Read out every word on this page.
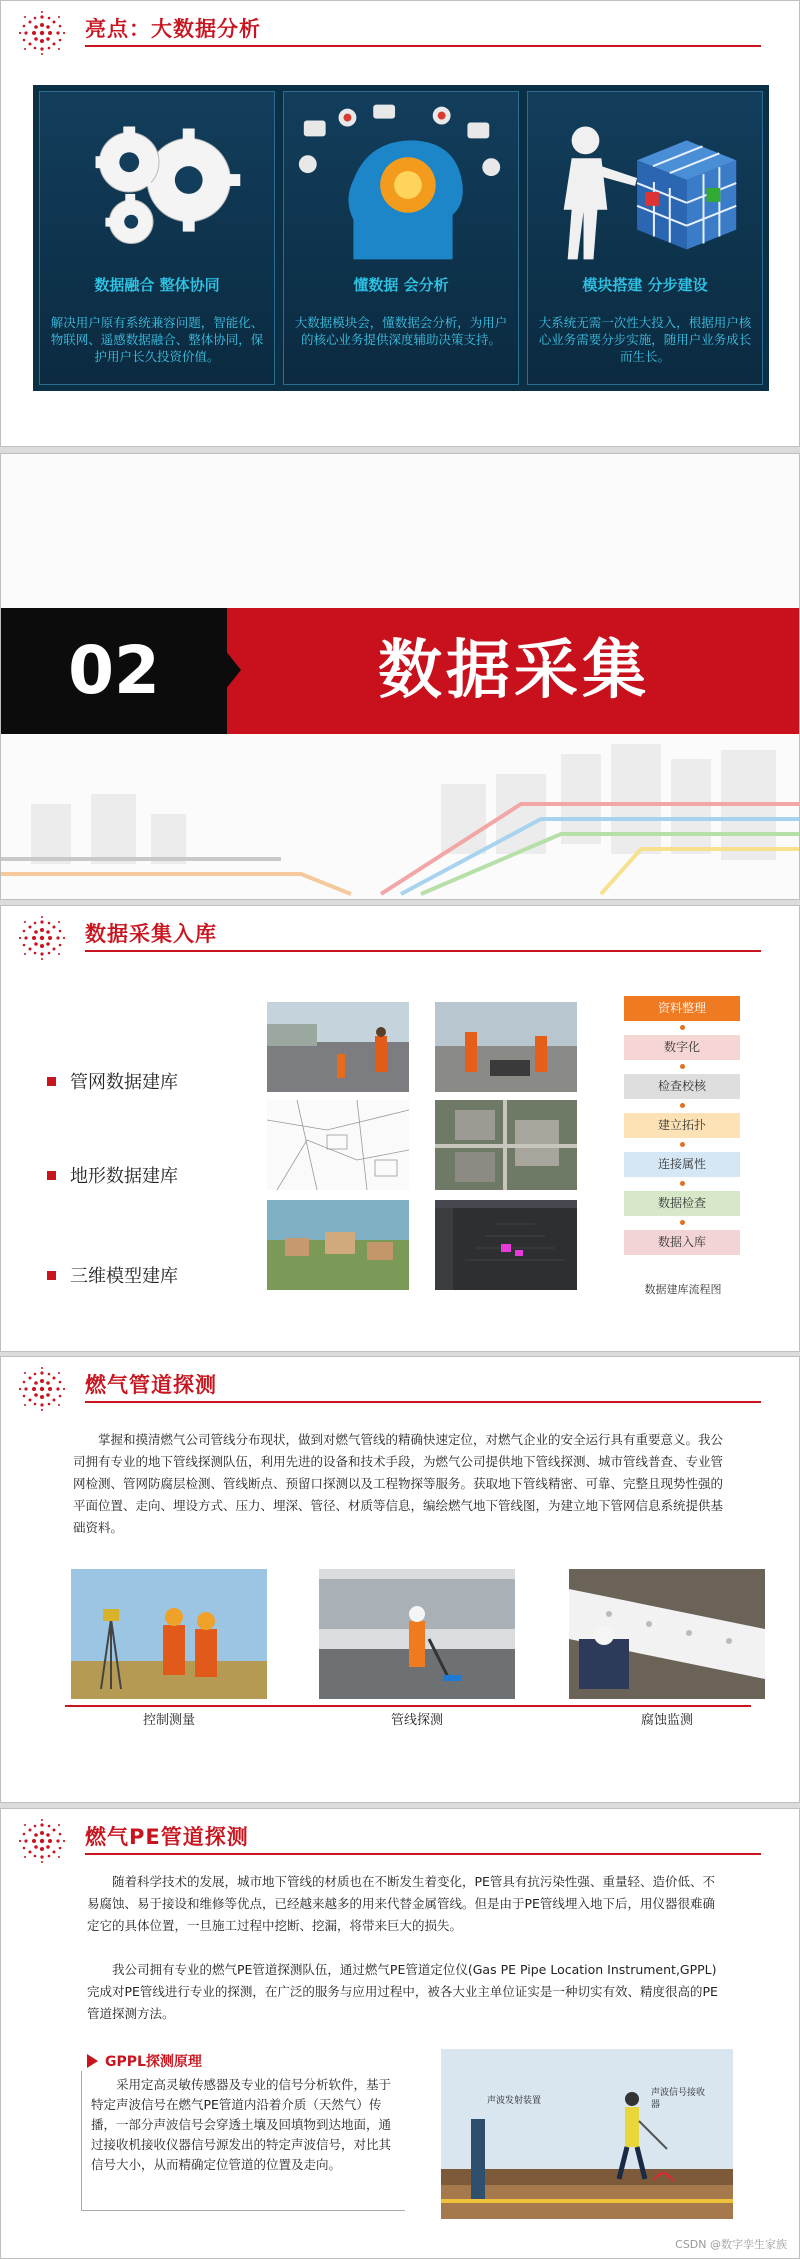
亮点：大数据分析
数据融合 整体协同
解决用户原有系统兼容问题，智能化、物联网、遥感数据融合、整体协同，保护用户长久投资价值。
懂数据 会分析
大数据模块会，懂数据会分析，为用户的核心业务提供深度辅助决策支持。
模块搭建 分步建设
大系统无需一次性大投入，根据用户核心业务需要分步实施，随用户业务成长而生长。
02	数据采集
数据采集入库
管网数据建库
地形数据建库
三维模型建库
资料整理
数字化
检查校核
建立拓扑
连接属性
数据检查
数据入库
数据建库流程图
燃气管道探测
掌握和摸清燃气公司管线分布现状，做到对燃气管线的精确快速定位，对燃气企业的安全运行具有重要意义。我公司拥有专业的地下管线探测队伍，利用先进的设备和技术手段，为燃气公司提供地下管线探测、城市管线普查、专业管网检测、管网防腐层检测、管线断点、预留口探测以及工程物探等服务。获取地下管线精密、可靠、完整且现势性强的平面位置、走向、埋设方式、压力、埋深、管径、材质等信息，编绘燃气地下管线图，为建立地下管网信息系统提供基础资料。
控制测量	管线探测	腐蚀监测
燃气PE管道探测
随着科学技术的发展，城市地下管线的材质也在不断发生着变化，PE管具有抗污染性强、重量轻、造价低、不易腐蚀、易于接设和维修等优点，已经越来越多的用来代替金属管线。但是由于PE管线埋入地下后，用仪器很难确定它的具体位置，一旦施工过程中挖断、挖漏，将带来巨大的损失。
我公司拥有专业的燃气PE管道探测队伍，通过燃气PE管道定位仪(Gas PE Pipe Location Instrument,GPPL)完成对PE管线进行专业的探测，在广泛的服务与应用过程中，被各大业主单位证实是一种切实有效、精度很高的PE管道探测方法。
GPPL探测原理
采用定高灵敏传感器及专业的信号分析软件，基于特定声波信号在燃气PE管道内沿着介质（天然气）传播，一部分声波信号会穿透土壤及回填物到达地面，通过接收机接收仪器信号源发出的特定声波信号，对比其信号大小，从而精确定位管道的位置及走向。
声波发射装置
声波信号接收器
CSDN @数字孪生家族
